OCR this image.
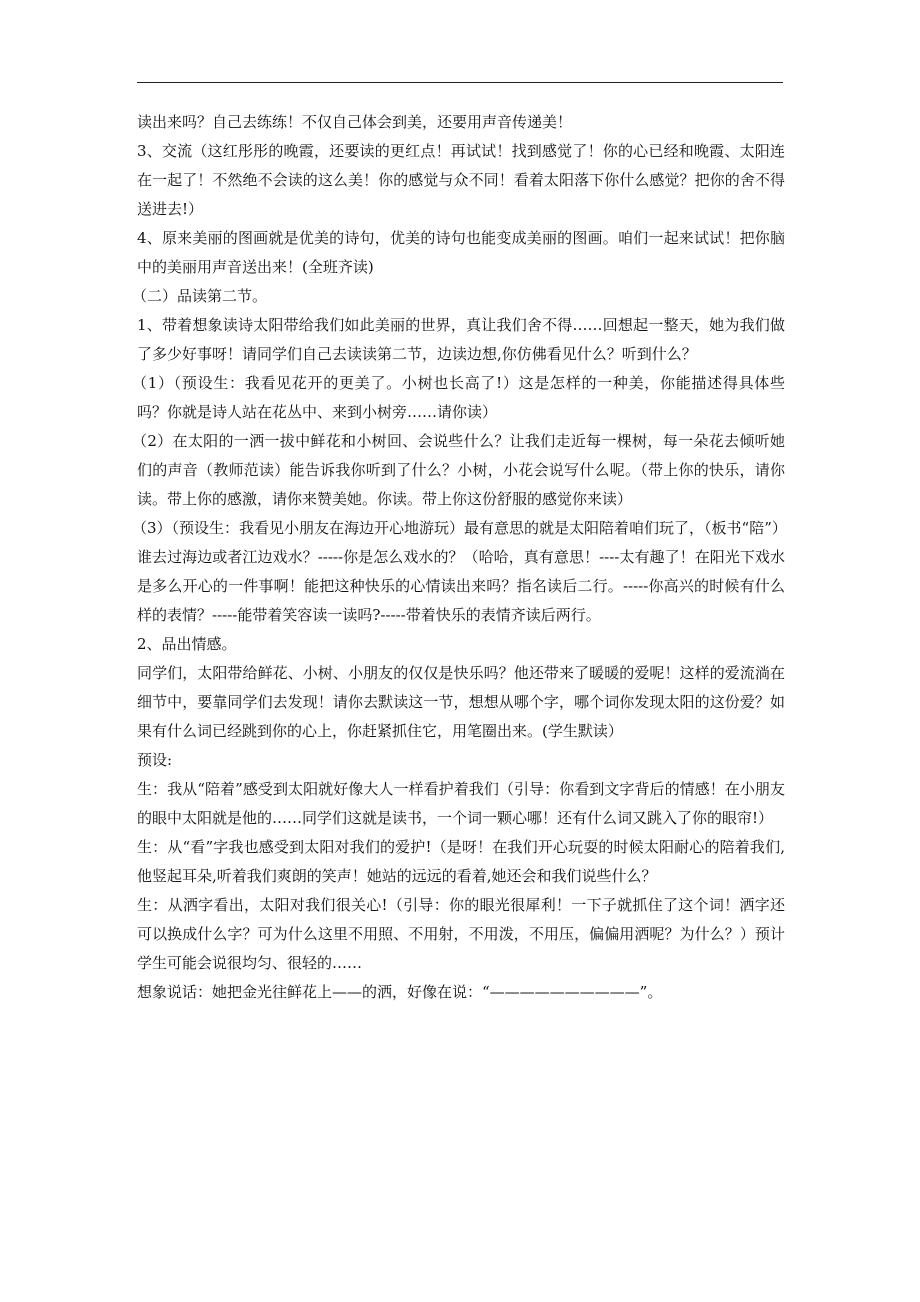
读出来吗？自己去练练！不仅自己体会到美，还要用声音传递美！

3、交流（这红彤彤的晚霞，还要读的更红点！再试试！找到感觉了！你的心已经和晚霞、太阳连在一起了！不然绝不会读的这么美！你的感觉与众不同！看着太阳落下你什么感觉？把你的舍不得送进去!）

4、原来美丽的图画就是优美的诗句，优美的诗句也能变成美丽的图画。咱们一起来试试！把你脑中的美丽用声音送出来！(全班齐读)

（二）品读第二节。

1、带着想象读诗太阳带给我们如此美丽的世界，真让我们舍不得……回想起一整天，她为我们做了多少好事呀！请同学们自己去读读第二节，边读边想,你仿佛看见什么？听到什么？

（1）（预设生：我看见花开的更美了。小树也长高了!）这是怎样的一种美，你能描述得具体些吗？你就是诗人站在花丛中、来到小树旁……请你读）

（2）在太阳的一洒一拔中鲜花和小树回、会说些什么？让我们走近每一棵树，每一朵花去倾听她们的声音（教师范读）能告诉我你听到了什么？小树，小花会说写什么呢。（带上你的快乐，请你读。带上你的感激，请你来赞美她。你读。带上你这份舒服的感觉你来读）

（3）（预设生：我看见小朋友在海边开心地游玩）最有意思的就是太阳陪着咱们玩了，（板书“陪”）

谁去过海边或者江边戏水？-----你是怎么戏水的？（哈哈，真有意思！----太有趣了！在阳光下戏水是多么开心的一件事啊！能把这种快乐的心情读出来吗？指名读后二行。-----你高兴的时候有什么样的表情？-----能带着笑容读一读吗?-----带着快乐的表情齐读后两行。

2、品出情感。

同学们，太阳带给鲜花、小树、小朋友的仅仅是快乐吗？他还带来了暖暖的爱呢！这样的爱流淌在细节中，要靠同学们去发现！请你去默读这一节，想想从哪个字，哪个词你发现太阳的这份爱？如果有什么词已经跳到你的心上，你赶紧抓住它，用笔圈出来。(学生默读）

预设:

生：我从“陪着”感受到太阳就好像大人一样看护着我们（引导：你看到文字背后的情感！在小朋友的眼中太阳就是他的……同学们这就是读书，一个词一颗心哪！还有什么词又跳入了你的眼帘!）

生：从“看”字我也感受到太阳对我们的爱护!（是呀！在我们开心玩耍的时候太阳耐心的陪着我们,他竖起耳朵,听着我们爽朗的笑声！她站的远远的看着,她还会和我们说些什么？

生：从洒字看出，太阳对我们很关心!（引导：你的眼光很犀利！一下子就抓住了这个词！洒字还可以换成什么字？可为什么这里不用照、不用射，不用泼，不用压，偏偏用洒呢？为什么？）预计学生可能会说很均匀、很轻的……

想象说话：她把金光往鲜花上——的洒，好像在说：“——————————”。
